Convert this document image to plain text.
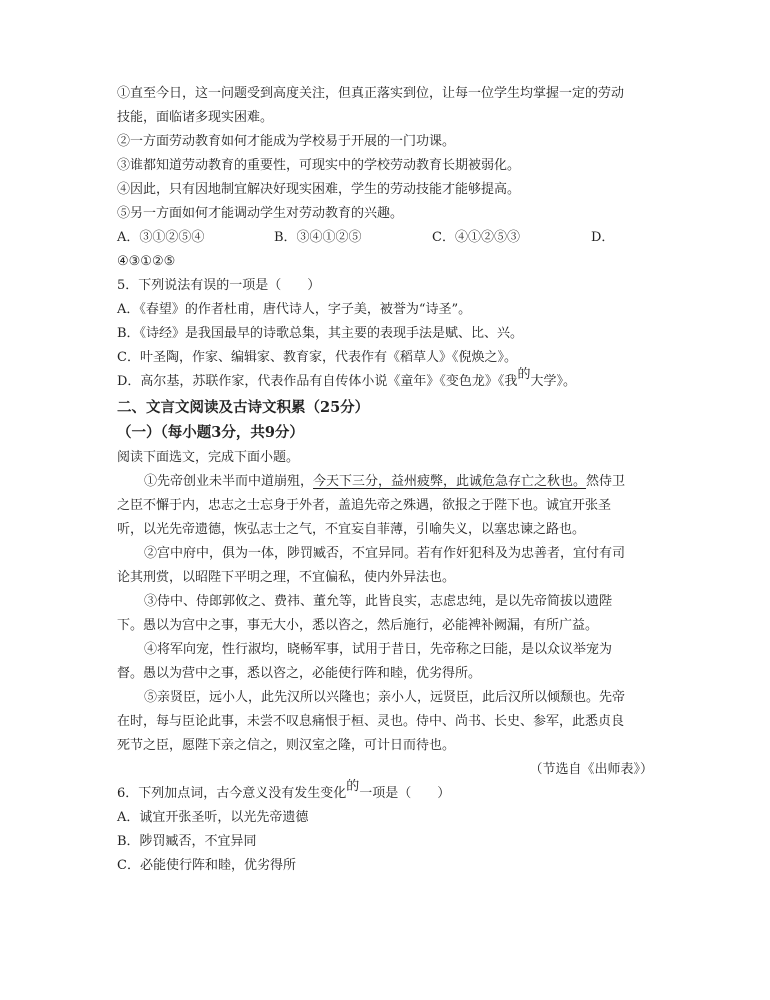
①直至今日，这一问题受到高度关注，但真正落实到位，让每一位学生均掌握一定的劳动
技能，面临诸多现实困难。
②一方面劳动教育如何才能成为学校易于开展的一门功课。
③谁都知道劳动教育的重要性，可现实中的学校劳动教育长期被弱化。
④因此，只有因地制宜解决好现实困难，学生的劳动技能才能够提高。
⑤另一方面如何才能调动学生对劳动教育的兴趣。
A．③①②⑤④	B．③④①②⑤	C．④①②⑤③	D．
④③①②⑤
5．下列说法有误的一项是（　　）
A．《春望》的作者杜甫，唐代诗人，字子美，被誉为“诗圣”。
B．《诗经》是我国最早的诗歌总集，其主要的表现手法是赋、比、兴。
C．叶圣陶，作家、编辑家、教育家，代表作有《稻草人》《倪焕之》。
D．高尔基，苏联作家，代表作品有自传体小说《童年》《变色龙》《我的大学》。
二、文言文阅读及古诗文积累（25分）
（一）（每小题3分，共9分）
阅读下面选文，完成下面小题。
①先帝创业未半而中道崩殂，今天下三分，益州疲弊，此诚危急存亡之秋也。然侍卫
之臣不懈于内，忠志之士忘身于外者，盖追先帝之殊遇，欲报之于陛下也。诚宜开张圣
听，以光先帝遗德，恢弘志士之气，不宜妄自菲薄，引喻失义，以塞忠谏之路也。
②宫中府中，俱为一体，陟罚臧否，不宜异同。若有作奸犯科及为忠善者，宜付有司
论其刑赏，以昭陛下平明之理，不宜偏私，使内外异法也。
③侍中、侍郎郭攸之、费祎、董允等，此皆良实，志虑忠纯，是以先帝简拔以遗陛
下。愚以为宫中之事，事无大小，悉以咨之，然后施行，必能裨补阙漏，有所广益。
④将军向宠，性行淑均，晓畅军事，试用于昔日，先帝称之曰能，是以众议举宠为
督。愚以为营中之事，悉以咨之，必能使行阵和睦，优劣得所。
⑤亲贤臣，远小人，此先汉所以兴隆也；亲小人，远贤臣，此后汉所以倾颓也。先帝
在时，每与臣论此事，未尝不叹息痛恨于桓、灵也。侍中、尚书、长史、参军，此悉贞良
死节之臣，愿陛下亲之信之，则汉室之隆，可计日而待也。
（节选自《出师表》）
6．下列加点词，古今意义没有发生变化的一项是（　　）
A．诚宜开张圣听，以光先帝遗德
B．陟罚臧否，不宜异同
C．必能使行阵和睦，优劣得所
